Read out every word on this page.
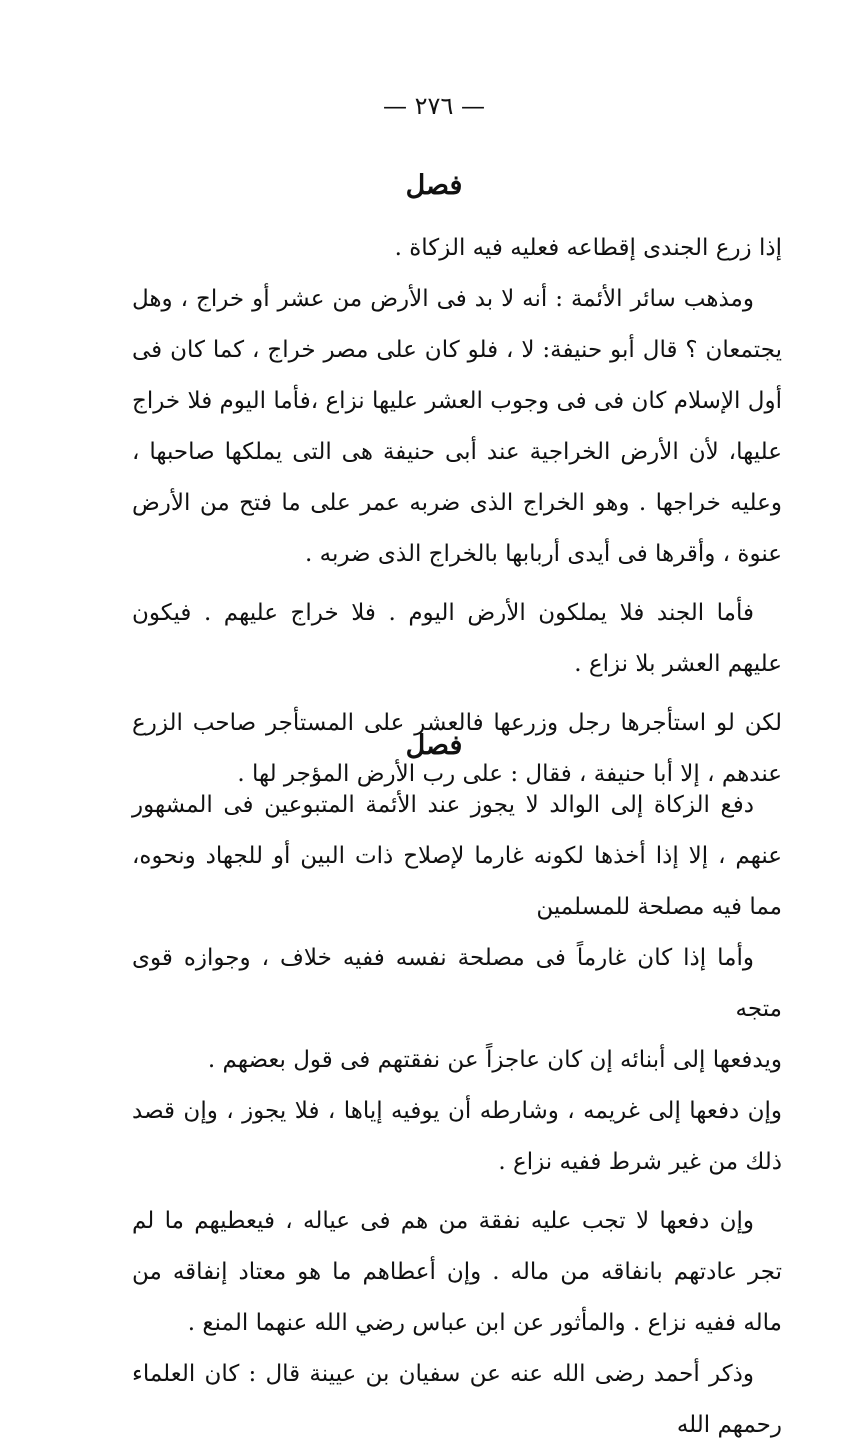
— ٢٧٦ —
فصل

إذا زرع الجندى إقطاعه فعليه فيه الزكاة .

ومذهب سائر الأئمة : أنه لا بد فى الأرض من عشر أو خراج ، وهل يجتمعان ؟ قال أبو حنيفة: لا ، فلو كان على مصر خراج ، كما كان فى أول الإسلام كان فى فى وجوب العشر عليها نزاع ،فأما اليوم فلا خراج عليها، لأن الأرض الخراجية عند أبى حنيفة هى التى يملكها صاحبها ، وعليه خراجها . وهو الخراج الذى ضربه عمر على ما فتح من الأرض عنوة ، وأقرها فى أيدى أربابها بالخراج الذى ضربه .

فأما الجند فلا يملكون الأرض اليوم . فلا خراج عليهم . فيكون عليهم العشر بلا نزاع .

لكن لو استأجرها رجل وزرعها فالعشر على المستأجر صاحب الزرع عندهم ، إلا أبا حنيفة ، فقال : على رب الأرض المؤجر لها .

فصل

دفع الزكاة إلى الوالد لا يجوز عند الأئمة المتبوعين فى المشهور عنهم ، إلا إذا أخذها لكونه غارما لإصلاح ذات البين أو للجهاد ونحوه، مما فيه مصلحة للمسلمين

وأما إذا كان غارماً فى مصلحة نفسه ففيه خلاف ، وجوازه قوى متجه

ويدفعها إلى أبنائه إن كان عاجزاً عن نفقتهم فى قول بعضهم .

وإن دفعها إلى غريمه ، وشارطه أن يوفيه إياها ، فلا يجوز ، وإن قصد ذلك من غير شرط ففيه نزاع .

وإن دفعها لا تجب عليه نفقة من هم فى عياله ، فيعطيهم ما لم تجر عادتهم بانفاقه من ماله . وإن أعطاهم ما هو معتاد إنفاقه من ماله ففيه نزاع . والمأثور عن ابن عباس رضي الله عنهما المنع .

وذكر أحمد رضى الله عنه عن سفيان بن عيينة قال : كان العلماء رحمهم الله
